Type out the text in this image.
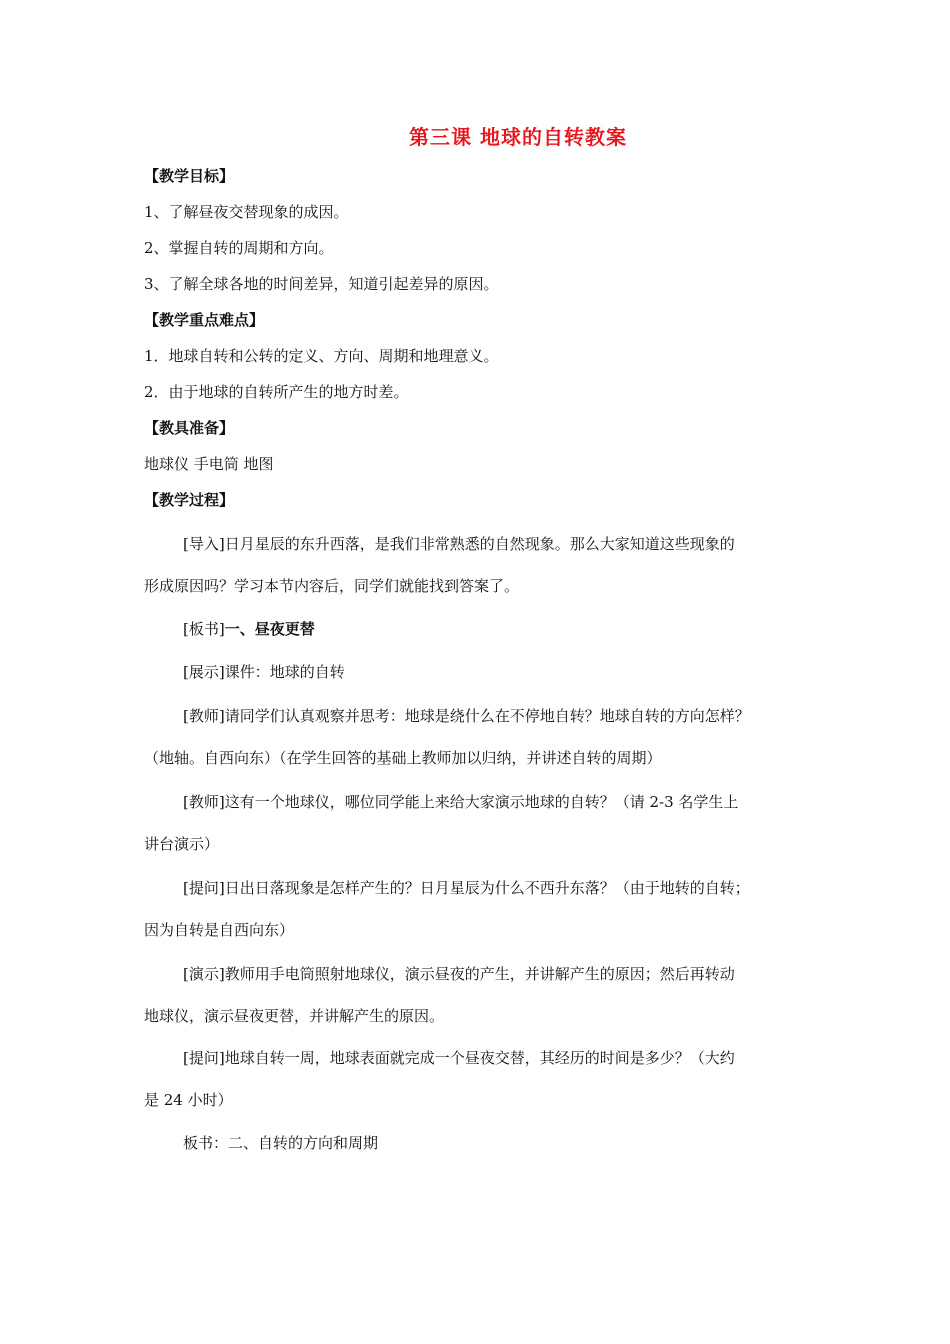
第三课 地球的自转教案
【教学目标】
1、了解昼夜交替现象的成因。
2、掌握自转的周期和方向。
3、了解全球各地的时间差异，知道引起差异的原因。
【教学重点难点】
1．地球自转和公转的定义、方向、周期和地理意义。
2．由于地球的自转所产生的地方时差。
【教具准备】
地球仪 手电筒 地图
【教学过程】
[导入]日月星辰的东升西落，是我们非常熟悉的自然现象。那么大家知道这些现象的
形成原因吗？学习本节内容后，同学们就能找到答案了。
[板书]一、昼夜更替
[展示]课件：地球的自转
[教师]请同学们认真观察并思考：地球是绕什么在不停地自转？地球自转的方向怎样？
（地轴。自西向东）（在学生回答的基础上教师加以归纳，并讲述自转的周期）
[教师]这有一个地球仪，哪位同学能上来给大家演示地球的自转？（请 2-3 名学生上
讲台演示）
[提问]日出日落现象是怎样产生的？日月星辰为什么不西升东落？（由于地转的自转；
因为自转是自西向东）
[演示]教师用手电筒照射地球仪，演示昼夜的产生，并讲解产生的原因；然后再转动
地球仪，演示昼夜更替，并讲解产生的原因。
[提问]地球自转一周，地球表面就完成一个昼夜交替，其经历的时间是多少？（大约
是 24 小时）
板书：二、自转的方向和周期
